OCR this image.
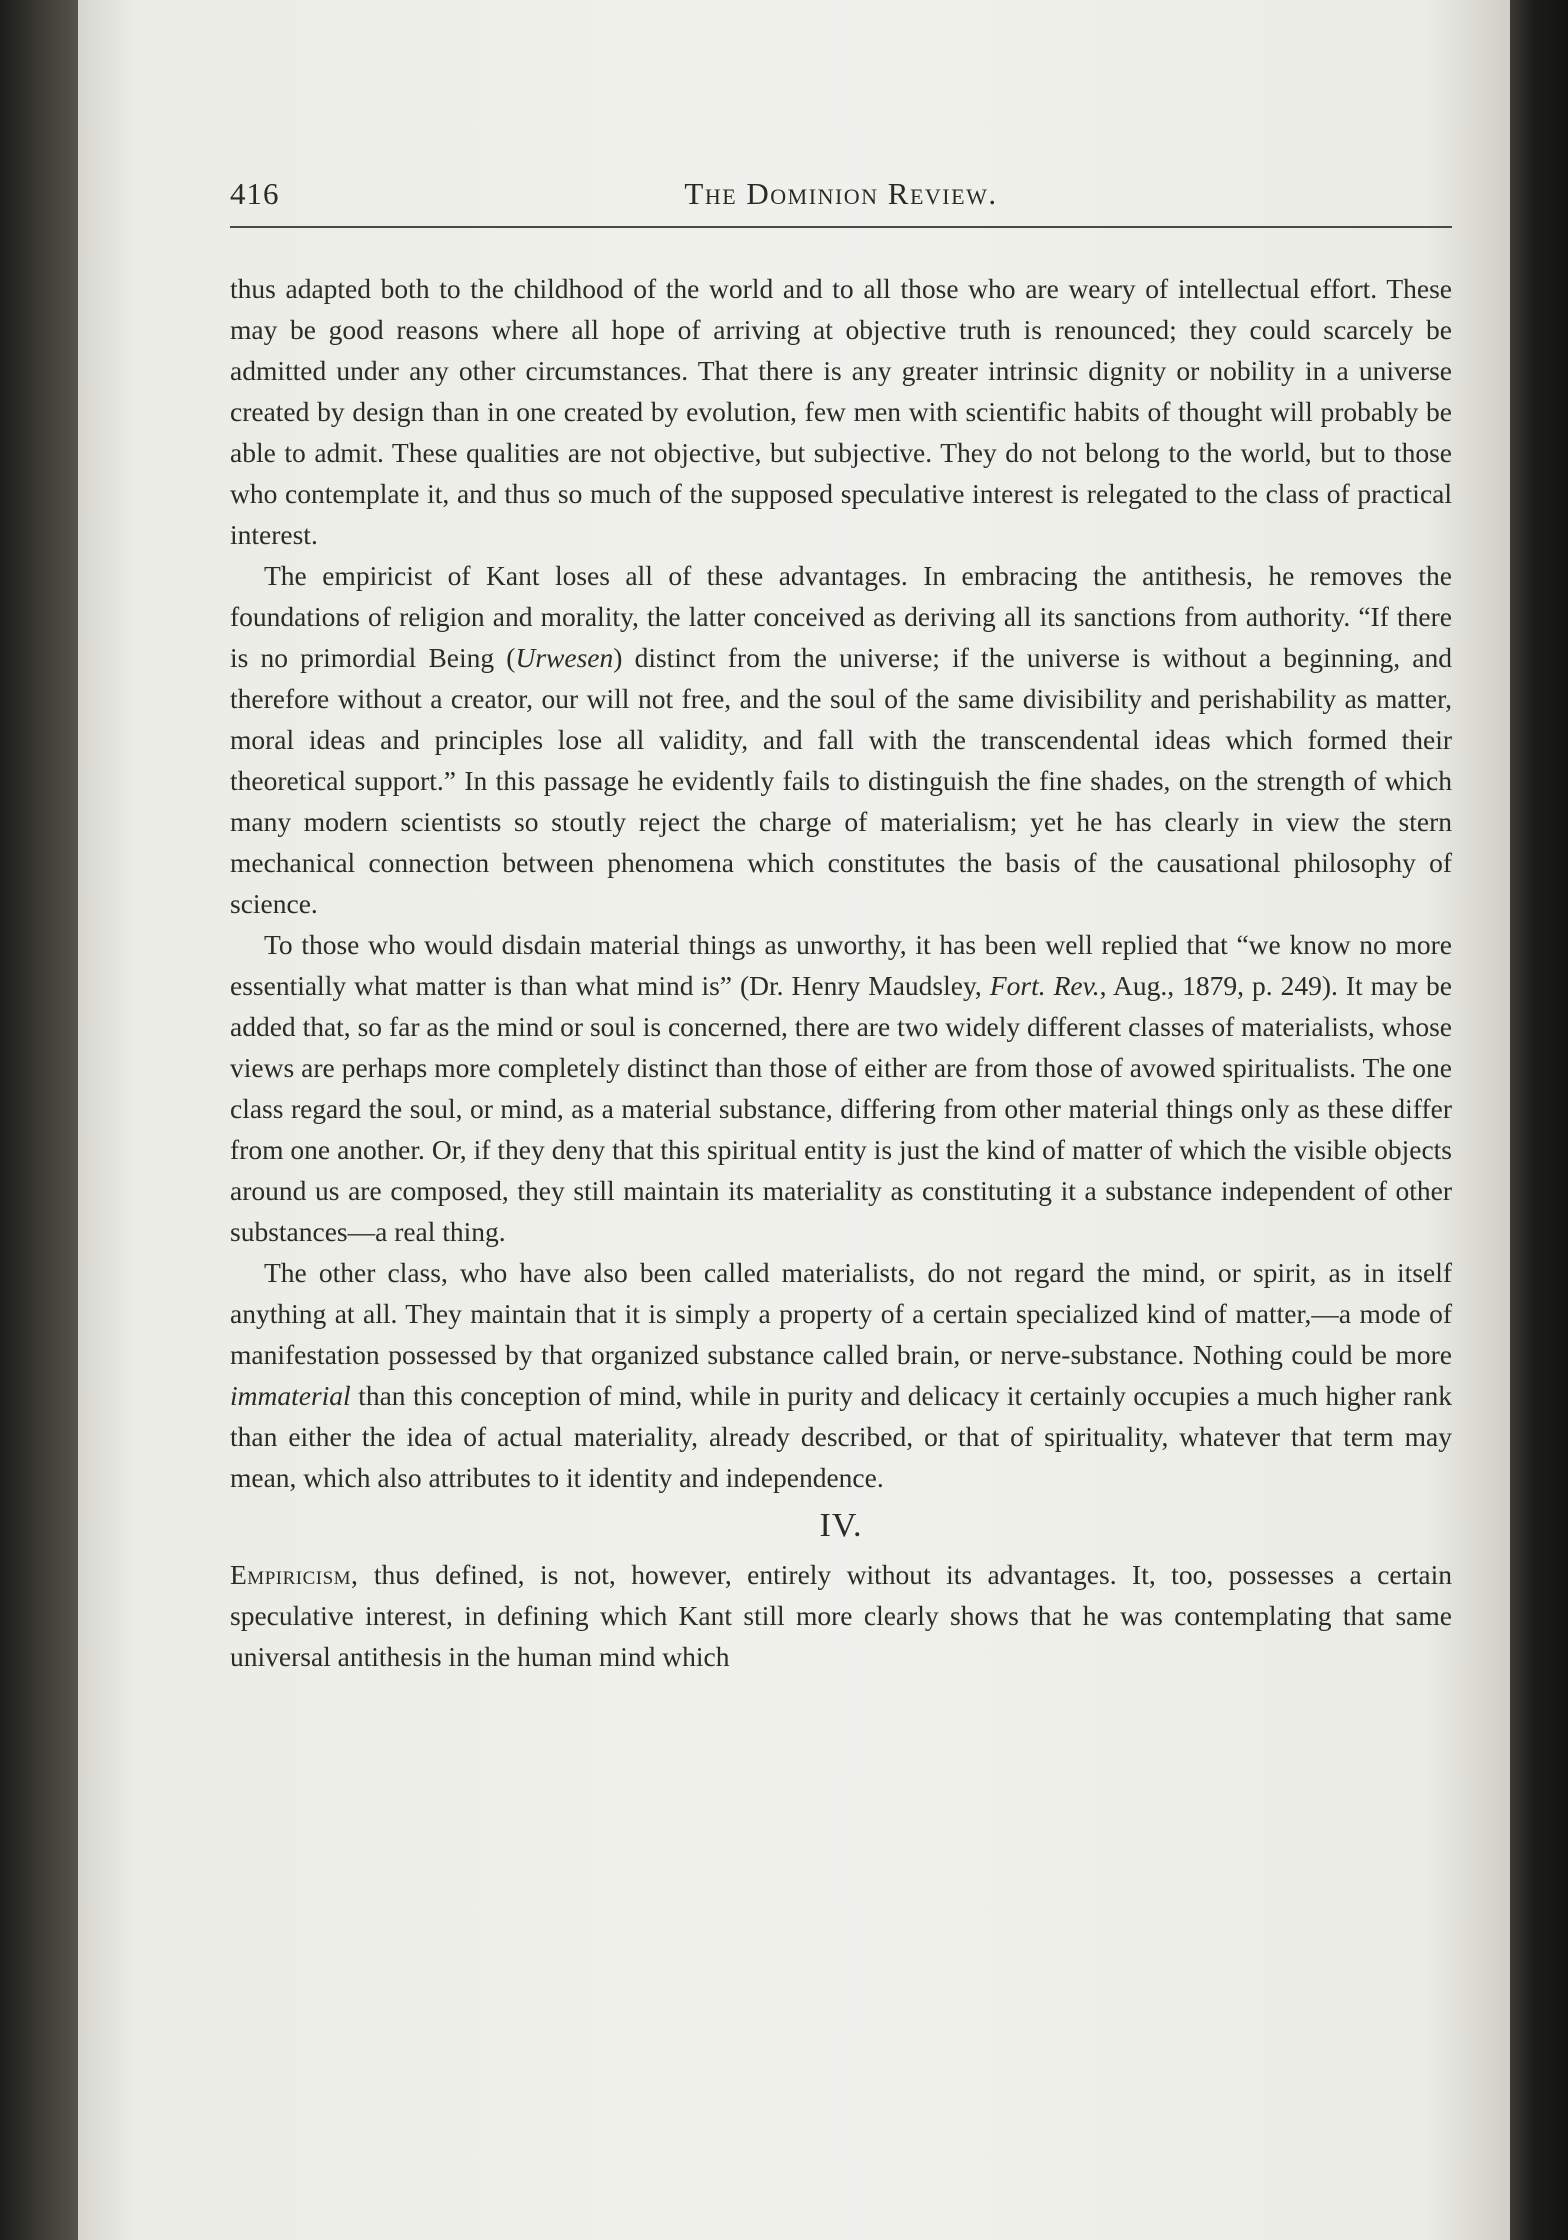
416	The Dominion Review.

thus adapted both to the childhood of the world and to all those who are weary of intellectual effort. These may be good reasons where all hope of arriving at objective truth is renounced; they could scarcely be admitted under any other circumstances. That there is any greater intrinsic dignity or nobility in a universe created by design than in one created by evolution, few men with scientific habits of thought will probably be able to admit. These qualities are not objective, but subjective. They do not belong to the world, but to those who contemplate it, and thus so much of the supposed speculative interest is relegated to the class of practical interest.

The empiricist of Kant loses all of these advantages. In embracing the antithesis, he removes the foundations of religion and morality, the latter conceived as deriving all its sanctions from authority. “If there is no primordial Being (Urwesen) distinct from the universe; if the universe is without a beginning, and therefore without a creator, our will not free, and the soul of the same divisibility and perishability as matter, moral ideas and principles lose all validity, and fall with the transcendental ideas which formed their theoretical support.” In this passage he evidently fails to distinguish the fine shades, on the strength of which many modern scientists so stoutly reject the charge of materialism; yet he has clearly in view the stern mechanical connection between phenomena which constitutes the basis of the causational philosophy of science.

To those who would disdain material things as unworthy, it has been well replied that “we know no more essentially what matter is than what mind is” (Dr. Henry Maudsley, Fort. Rev., Aug., 1879, p. 249). It may be added that, so far as the mind or soul is concerned, there are two widely different classes of materialists, whose views are perhaps more completely distinct than those of either are from those of avowed spiritualists. The one class regard the soul, or mind, as a material substance, differing from other material things only as these differ from one another. Or, if they deny that this spiritual entity is just the kind of matter of which the visible objects around us are composed, they still maintain its materiality as constituting it a substance independent of other substances—a real thing.

The other class, who have also been called materialists, do not regard the mind, or spirit, as in itself anything at all. They maintain that it is simply a property of a certain specialized kind of matter,—a mode of manifestation possessed by that organized substance called brain, or nerve-substance. Nothing could be more immaterial than this conception of mind, while in purity and delicacy it certainly occupies a much higher rank than either the idea of actual materiality, already described, or that of spirituality, whatever that term may mean, which also attributes to it identity and independence.

IV.

Empiricism, thus defined, is not, however, entirely without its advantages. It, too, possesses a certain speculative interest, in defining which Kant still more clearly shows that he was contemplating that same universal antithesis in the human mind which
